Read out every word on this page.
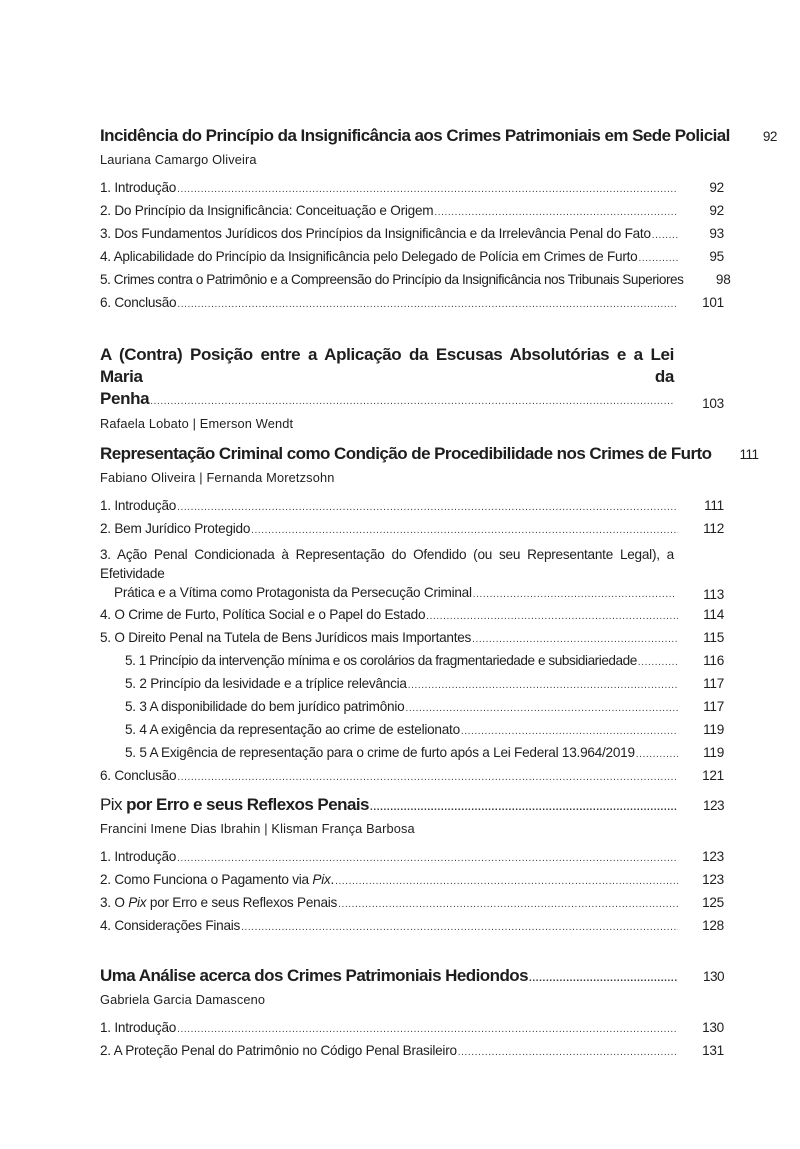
Incidência do Princípio da Insignificância aos Crimes Patrimoniais em Sede Policial	92
Lauriana Camargo Oliveira
1. Introdução .....	92
2. Do Princípio da Insignificância: Conceituação e Origem .....	92
3. Dos Fundamentos Jurídicos dos Princípios da Insignificância e da Irrelevância Penal do Fato .....	93
4. Aplicabilidade do Princípio da Insignificância pelo Delegado de Polícia em Crimes de Furto .....	95
5. Crimes contra o Patrimônio e a Compreensão do Princípio da Insignificância nos Tribunais Superiores	98
6. Conclusão .....	101
A (Contra) Posição entre a Aplicação da Escusas Absolutórias e a Lei Maria da
Penha .....	103
Rafaela Lobato | Emerson Wendt
Representação Criminal como Condição de Procedibilidade nos Crimes de Furto	111
Fabiano Oliveira | Fernanda Moretzsohn
1. Introdução .....	111
2. Bem Jurídico Protegido .....	112
3. Ação Penal Condicionada à Representação do Ofendido (ou seu Representante Legal), a Efetividade
Prática e a Vítima como Protagonista da Persecução Criminal .....	113
4. O Crime de Furto, Política Social e o Papel do Estado .....	114
5. O Direito Penal na Tutela de Bens Jurídicos mais Importantes .....	115
5. 1 Princípio da intervenção mínima e os corolários da fragmentariedade e subsidiariedade .....	116
5. 2 Princípio da lesividade e a tríplice relevância .....	117
5. 3 A disponibilidade do bem jurídico patrimônio .....	117
5. 4 A exigência da representação ao crime de estelionato .....	119
5. 5 A Exigência de representação para o crime de furto após a Lei Federal 13.964/2019 .....	119
6. Conclusão .....	121
Pix por Erro e seus Reflexos Penais .....	123
Francini Imene Dias Ibrahin | Klisman França Barbosa
1. Introdução .....	123
2. Como Funciona o Pagamento via Pix. .....	123
3. O Pix por Erro e seus Reflexos Penais .....	125
4. Considerações Finais .....	128
Uma Análise acerca dos Crimes Patrimoniais Hediondos .....	130
Gabriela Garcia Damasceno
1. Introdução .....	130
2. A Proteção Penal do Patrimônio no Código Penal Brasileiro .....	131
